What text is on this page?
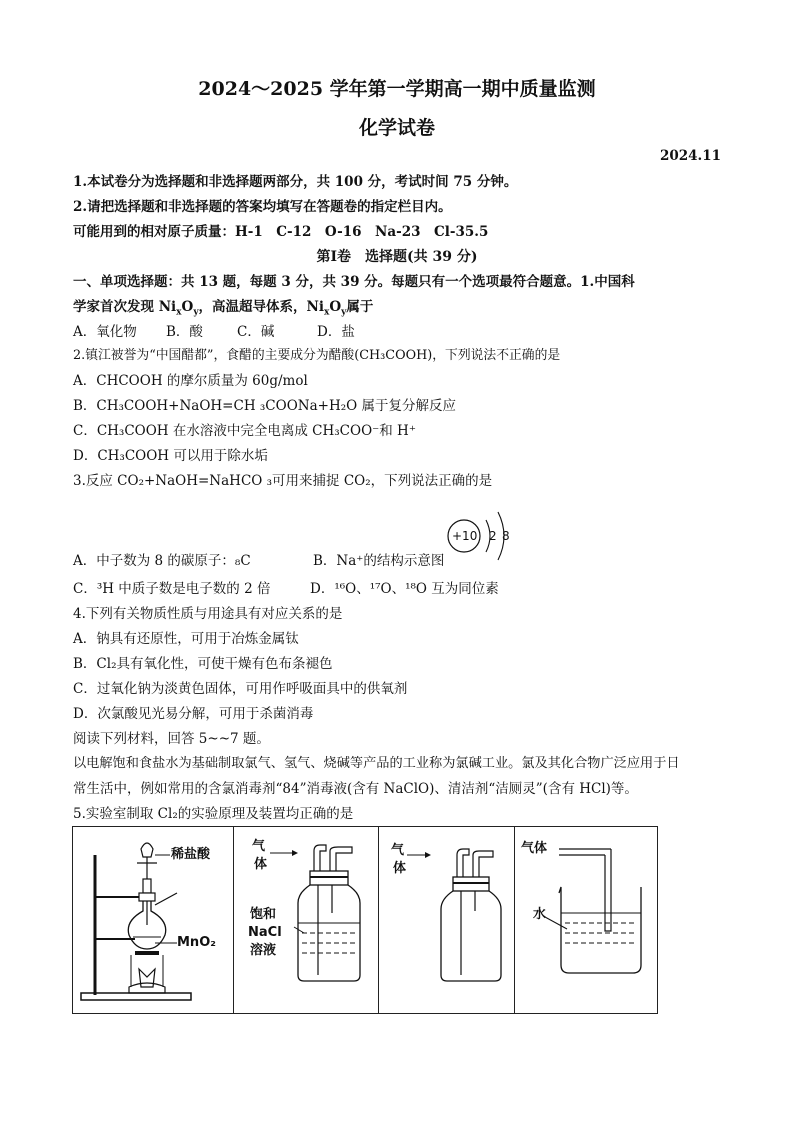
2024～2025 学年第一学期高一期中质量监测
化学试卷
2024.11
1.本试卷分为选择题和非选择题两部分，共 100 分，考试时间 75 分钟。
2.请把选择题和非选择题的答案均填写在答题卷的指定栏目内。
可能用到的相对原子质量：H-1　C-12　O-16　Na-23　Cl-35.5
第Ⅰ卷　选择题(共 39 分)
一、单项选择题：共 13 题，每题 3 分，共 39 分。每题只有一个选项最符合题意。1.中国科
学家首次发现 $Ni_xO_y$，高温超导体系，$Ni_xO_y$属于
A．氧化物 B．酸	C．碱	D．盐
2.镇江被誉为“中国醋都”，食醋的主要成分为醋酸(CH₃COOH)，下列说法不正确的是
A．CHCOOH 的摩尔质量为 60g/mol
B．CH₃COOH+NaOH=CH ₃COONa+H₂O 属于复分解反应
C．CH₃COOH 在水溶液中完全电离成 CH₃COO⁻和 H⁺
D．CH₃COOH 可以用于除水垢
3.反应 CO₂+NaOH=NaHCO ₃可用来捕捉 CO₂，下列说法正确的是
+10 2 8
A．中子数为 8 的碳原子：₈C	B．Na⁺的结构示意图
C．³H 中质子数是电子数的 2 倍	D．¹⁶O、¹⁷O、¹⁸O 互为同位素
4.下列有关物质性质与用途具有对应关系的是
A．钠具有还原性，可用于冶炼金属钛
B．Cl₂具有氧化性，可使干燥有色布条褪色
C．过氧化钠为淡黄色固体，可用作呼吸面具中的供氧剂
D．次氯酸见光易分解，可用于杀菌消毒
阅读下列材料，回答 5~~7 题。
以电解饱和食盐水为基础制取氯气、氢气、烧碱等产品的工业称为氯碱工业。氯及其化合物广泛应用于日
常生活中，例如常用的含氯消毒剂“84”消毒液(含有 NaClO)、清洁剂“洁厕灵”(含有 HCl)等。
5.实验室制取 Cl₂的实验原理及装置均正确的是
稀盐酸
MnO₂
气
体
饱和
NaCl
溶液
气
体
气体
水
